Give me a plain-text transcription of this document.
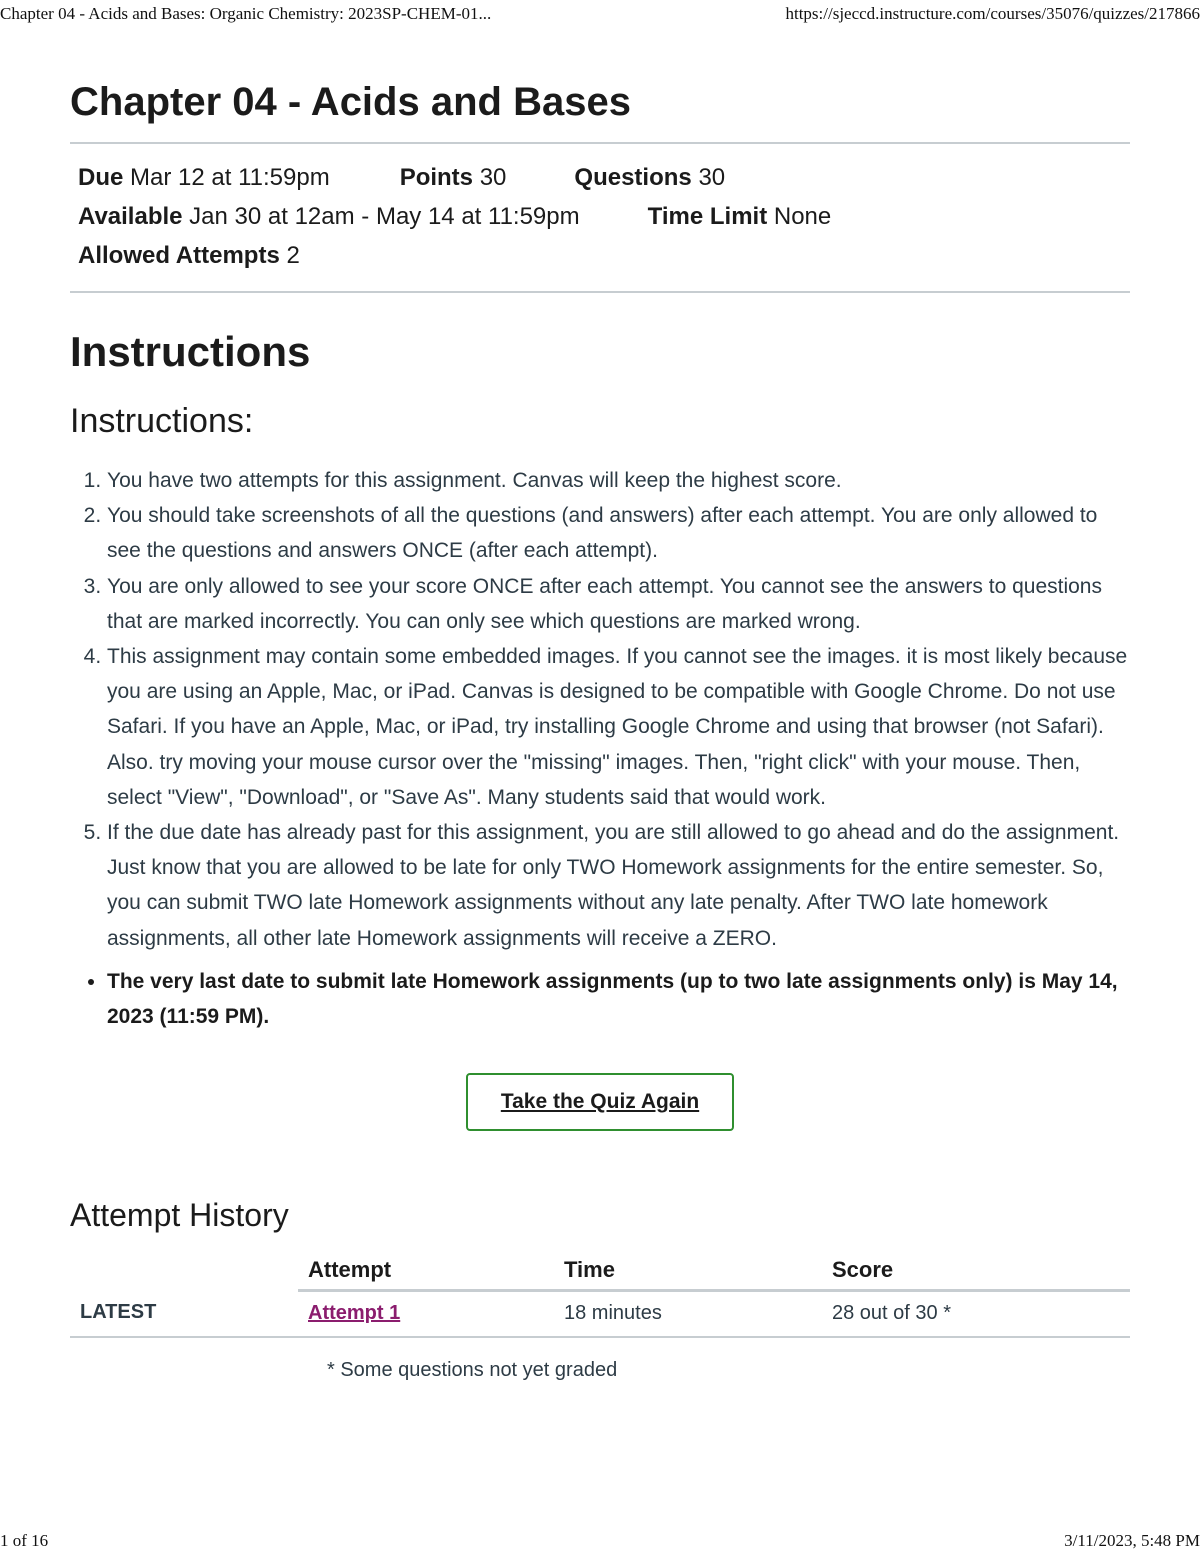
Chapter 04 - Acids and Bases: Organic Chemistry: 2023SP-CHEM-01...	https://sjeccd.instructure.com/courses/35076/quizzes/217866
Chapter 04 - Acids and Bases
Due Mar 12 at 11:59pm	Points 30	Questions 30
Available Jan 30 at 12am - May 14 at 11:59pm	Time Limit None
Allowed Attempts 2
Instructions
Instructions:
1. You have two attempts for this assignment. Canvas will keep the highest score.
2. You should take screenshots of all the questions (and answers) after each attempt. You are only allowed to see the questions and answers ONCE (after each attempt).
3. You are only allowed to see your score ONCE after each attempt. You cannot see the answers to questions that are marked incorrectly. You can only see which questions are marked wrong.
4. This assignment may contain some embedded images. If you cannot see the images. it is most likely because you are using an Apple, Mac, or iPad. Canvas is designed to be compatible with Google Chrome. Do not use Safari. If you have an Apple, Mac, or iPad, try installing Google Chrome and using that browser (not Safari). Also. try moving your mouse cursor over the "missing" images. Then, "right click" with your mouse. Then, select "View", "Download", or "Save As". Many students said that would work.
5. If the due date has already past for this assignment, you are still allowed to go ahead and do the assignment. Just know that you are allowed to be late for only TWO Homework assignments for the entire semester. So, you can submit TWO late Homework assignments without any late penalty. After TWO late homework assignments, all other late Homework assignments will receive a ZERO.
• The very last date to submit late Homework assignments (up to two late assignments only) is May 14, 2023 (11:59 PM).
Take the Quiz Again
Attempt History
	Attempt	Time	Score
LATEST	Attempt 1	18 minutes	28 out of 30 *
* Some questions not yet graded
1 of 16	3/11/2023, 5:48 PM
